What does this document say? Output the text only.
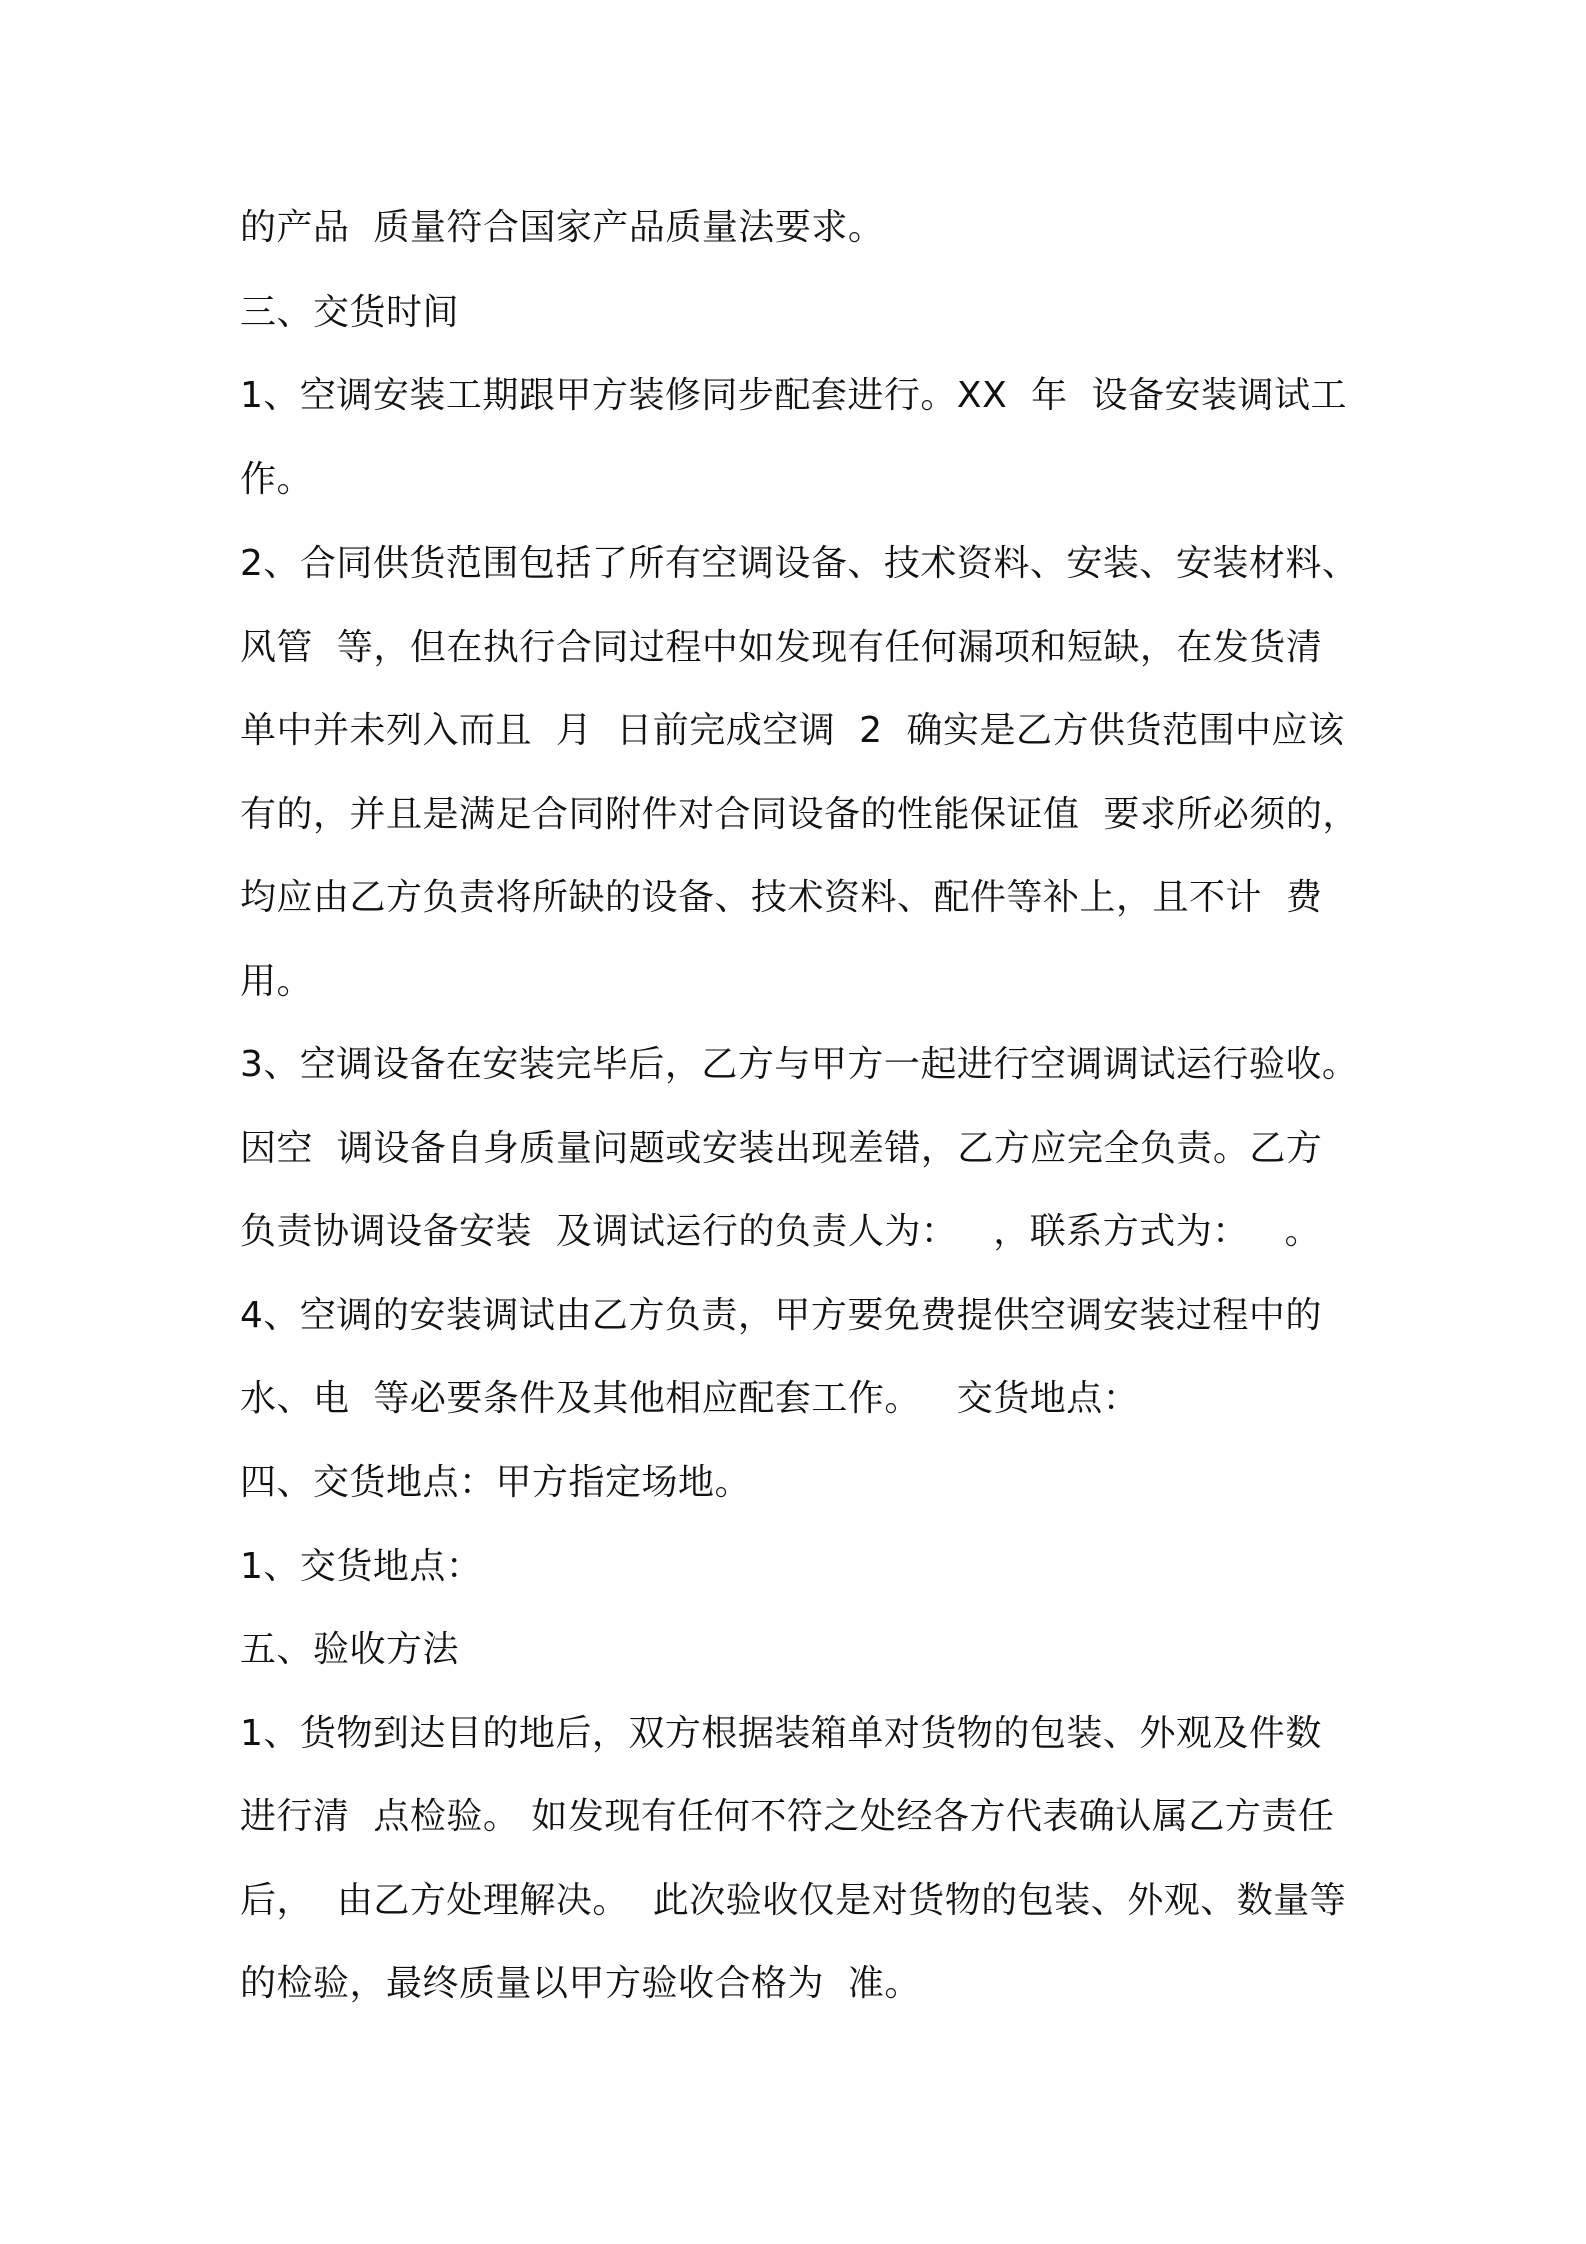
的产品  质量符合国家产品质量法要求。
三、交货时间
1、空调安装工期跟甲方装修同步配套进行。XX  年  设备安装调试工
作。
2、合同供货范围包括了所有空调设备、技术资料、安装、安装材料、
风管  等，但在执行合同过程中如发现有任何漏项和短缺，在发货清
单中并未列入而且  月  日前完成空调  2  确实是乙方供货范围中应该
有的，并且是满足合同附件对合同设备的性能保证值  要求所必须的，
均应由乙方负责将所缺的设备、技术资料、配件等补上，且不计  费
用。
3、空调设备在安装完毕后，乙方与甲方一起进行空调调试运行验收。
因空  调设备自身质量问题或安装出现差错，乙方应完全负责。乙方
负责协调设备安装  及调试运行的负责人为：   ，联系方式为：   。
4、空调的安装调试由乙方负责，甲方要免费提供空调安装过程中的
水、电  等必要条件及其他相应配套工作。   交货地点：
四、交货地点：甲方指定场地。
1、交货地点：
五、验收方法
1、货物到达目的地后，双方根据装箱单对货物的包装、外观及件数
进行清  点检验。 如发现有任何不符之处经各方代表确认属乙方责任
后，  由乙方处理解决。  此次验收仅是对货物的包装、外观、数量等
的检验，最终质量以甲方验收合格为  准。
